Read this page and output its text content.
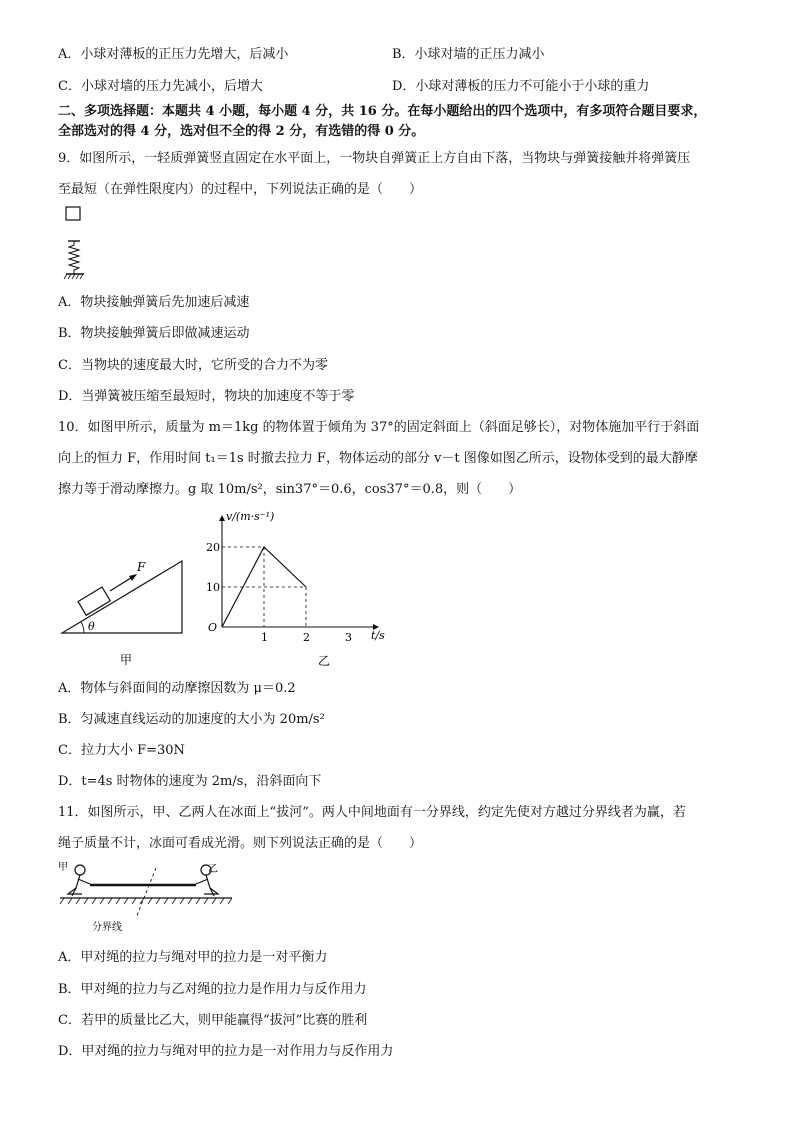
A．小球对薄板的正压力先增大，后减小	B．小球对墙的正压力减小
C．小球对墙的压力先减小，后增大	D．小球对薄板的压力不可能小于小球的重力
二、多项选择题：本题共 4 小题，每小题 4 分，共 16 分。在每小题给出的四个选项中，有多项符合题目要求，
全部选对的得 4 分，选对但不全的得 2 分，有选错的得 0 分。
9．如图所示，一轻质弹簧竖直固定在水平面上，一物块自弹簧正上方自由下落，当物块与弹簧接触并将弹簧压
至最短（在弹性限度内）的过程中，下列说法正确的是（　　）
A．物块接触弹簧后先加速后减速
B．物块接触弹簧后即做减速运动
C．当物块的速度最大时，它所受的合力不为零
D．当弹簧被压缩至最短时，物块的加速度不等于零
10．如图甲所示，质量为 m＝1kg 的物体置于倾角为 37°的固定斜面上（斜面足够长），对物体施加平行于斜面
向上的恒力 F，作用时间 t₁＝1s 时撤去拉力 F，物体运动的部分 v－t 图像如图乙所示，设物体受到的最大静摩
擦力等于滑动摩擦力。g 取 10m/s²，sin37°＝0.6，cos37°＝0.8，则（　　）
F
θ
甲
v/(m·s⁻¹)
t/s
O
1	2	3
10
20
乙
A．物体与斜面间的动摩擦因数为 μ＝0.2
B．匀减速直线运动的加速度的大小为 20m/s²
C．拉力大小 F=30N
D．t=4s 时物体的速度为 2m/s，沿斜面向下
11．如图所示，甲、乙两人在冰面上“拔河”。两人中间地面有一分界线，约定先使对方越过分界线者为赢，若
绳子质量不计，冰面可看成光滑。则下列说法正确的是（　　）
甲	乙
分界线
A．甲对绳的拉力与绳对甲的拉力是一对平衡力
B．甲对绳的拉力与乙对绳的拉力是作用力与反作用力
C．若甲的质量比乙大，则甲能赢得“拔河”比赛的胜利
D．甲对绳的拉力与绳对甲的拉力是一对作用力与反作用力
